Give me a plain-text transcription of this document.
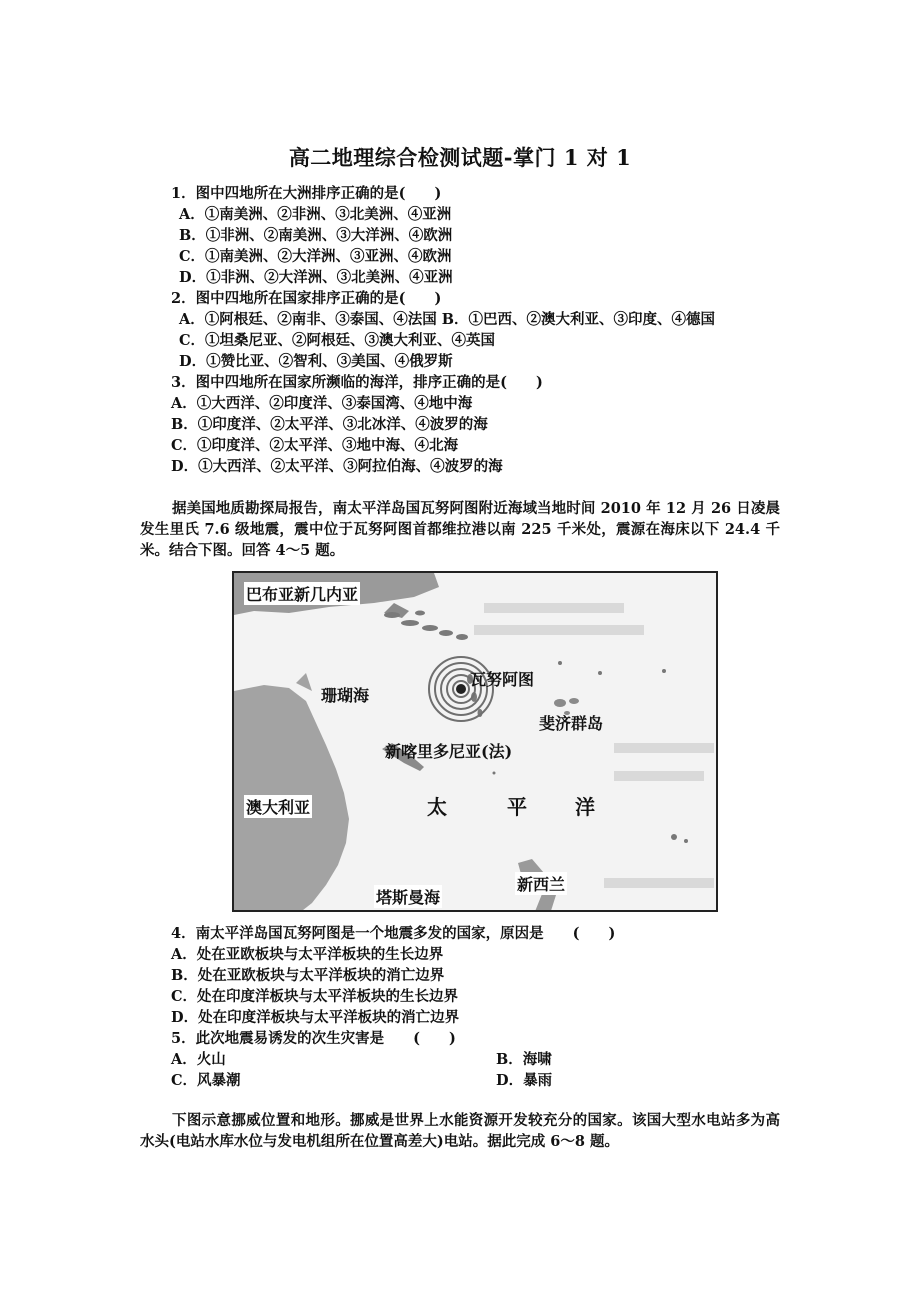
高二地理综合检测试题-掌门 1 对 1
1．图中四地所在大洲排序正确的是(　　)
A．①南美洲、②非洲、③北美洲、④亚洲
B．①非洲、②南美洲、③大洋洲、④欧洲
C．①南美洲、②大洋洲、③亚洲、④欧洲
D．①非洲、②大洋洲、③北美洲、④亚洲
2．图中四地所在国家排序正确的是(　　)
A．①阿根廷、②南非、③泰国、④法国 B．①巴西、②澳大利亚、③印度、④德国
C．①坦桑尼亚、②阿根廷、③澳大利亚、④英国
D．①赞比亚、②智利、③美国、④俄罗斯
3．图中四地所在国家所濒临的海洋，排序正确的是(　　)
A．①大西洋、②印度洋、③泰国湾、④地中海
B．①印度洋、②太平洋、③北冰洋、④波罗的海
C．①印度洋、②太平洋、③地中海、④北海
D．①大西洋、②太平洋、③阿拉伯海、④波罗的海
据美国地质勘探局报告，南太平洋岛国瓦努阿图附近海域当地时间 2010 年 12 月 26 日凌晨发生里氏 7.6 级地震，震中位于瓦努阿图首都维拉港以南 225 千米处，震源在海床以下 24.4 千米。结合下图。回答 4～5 题。
巴布亚新几内亚
瓦努阿图
珊瑚海
斐济群岛
新喀里多尼亚(法)
澳大利亚	太	平 洋
新西兰
塔斯曼海
4．南太平洋岛国瓦努阿图是一个地震多发的国家，原因是　　(　　)
A．处在亚欧板块与太平洋板块的生长边界
B．处在亚欧板块与太平洋板块的消亡边界
C．处在印度洋板块与太平洋板块的生长边界
D．处在印度洋板块与太平洋板块的消亡边界
5．此次地震易诱发的次生灾害是　　(　　)
A．火山	B．海啸
C．风暴潮	D．暴雨
下图示意挪威位置和地形。挪威是世界上水能资源开发较充分的国家。该国大型水电站多为高水头(电站水库水位与发电机组所在位置高差大)电站。据此完成 6～8 题。
